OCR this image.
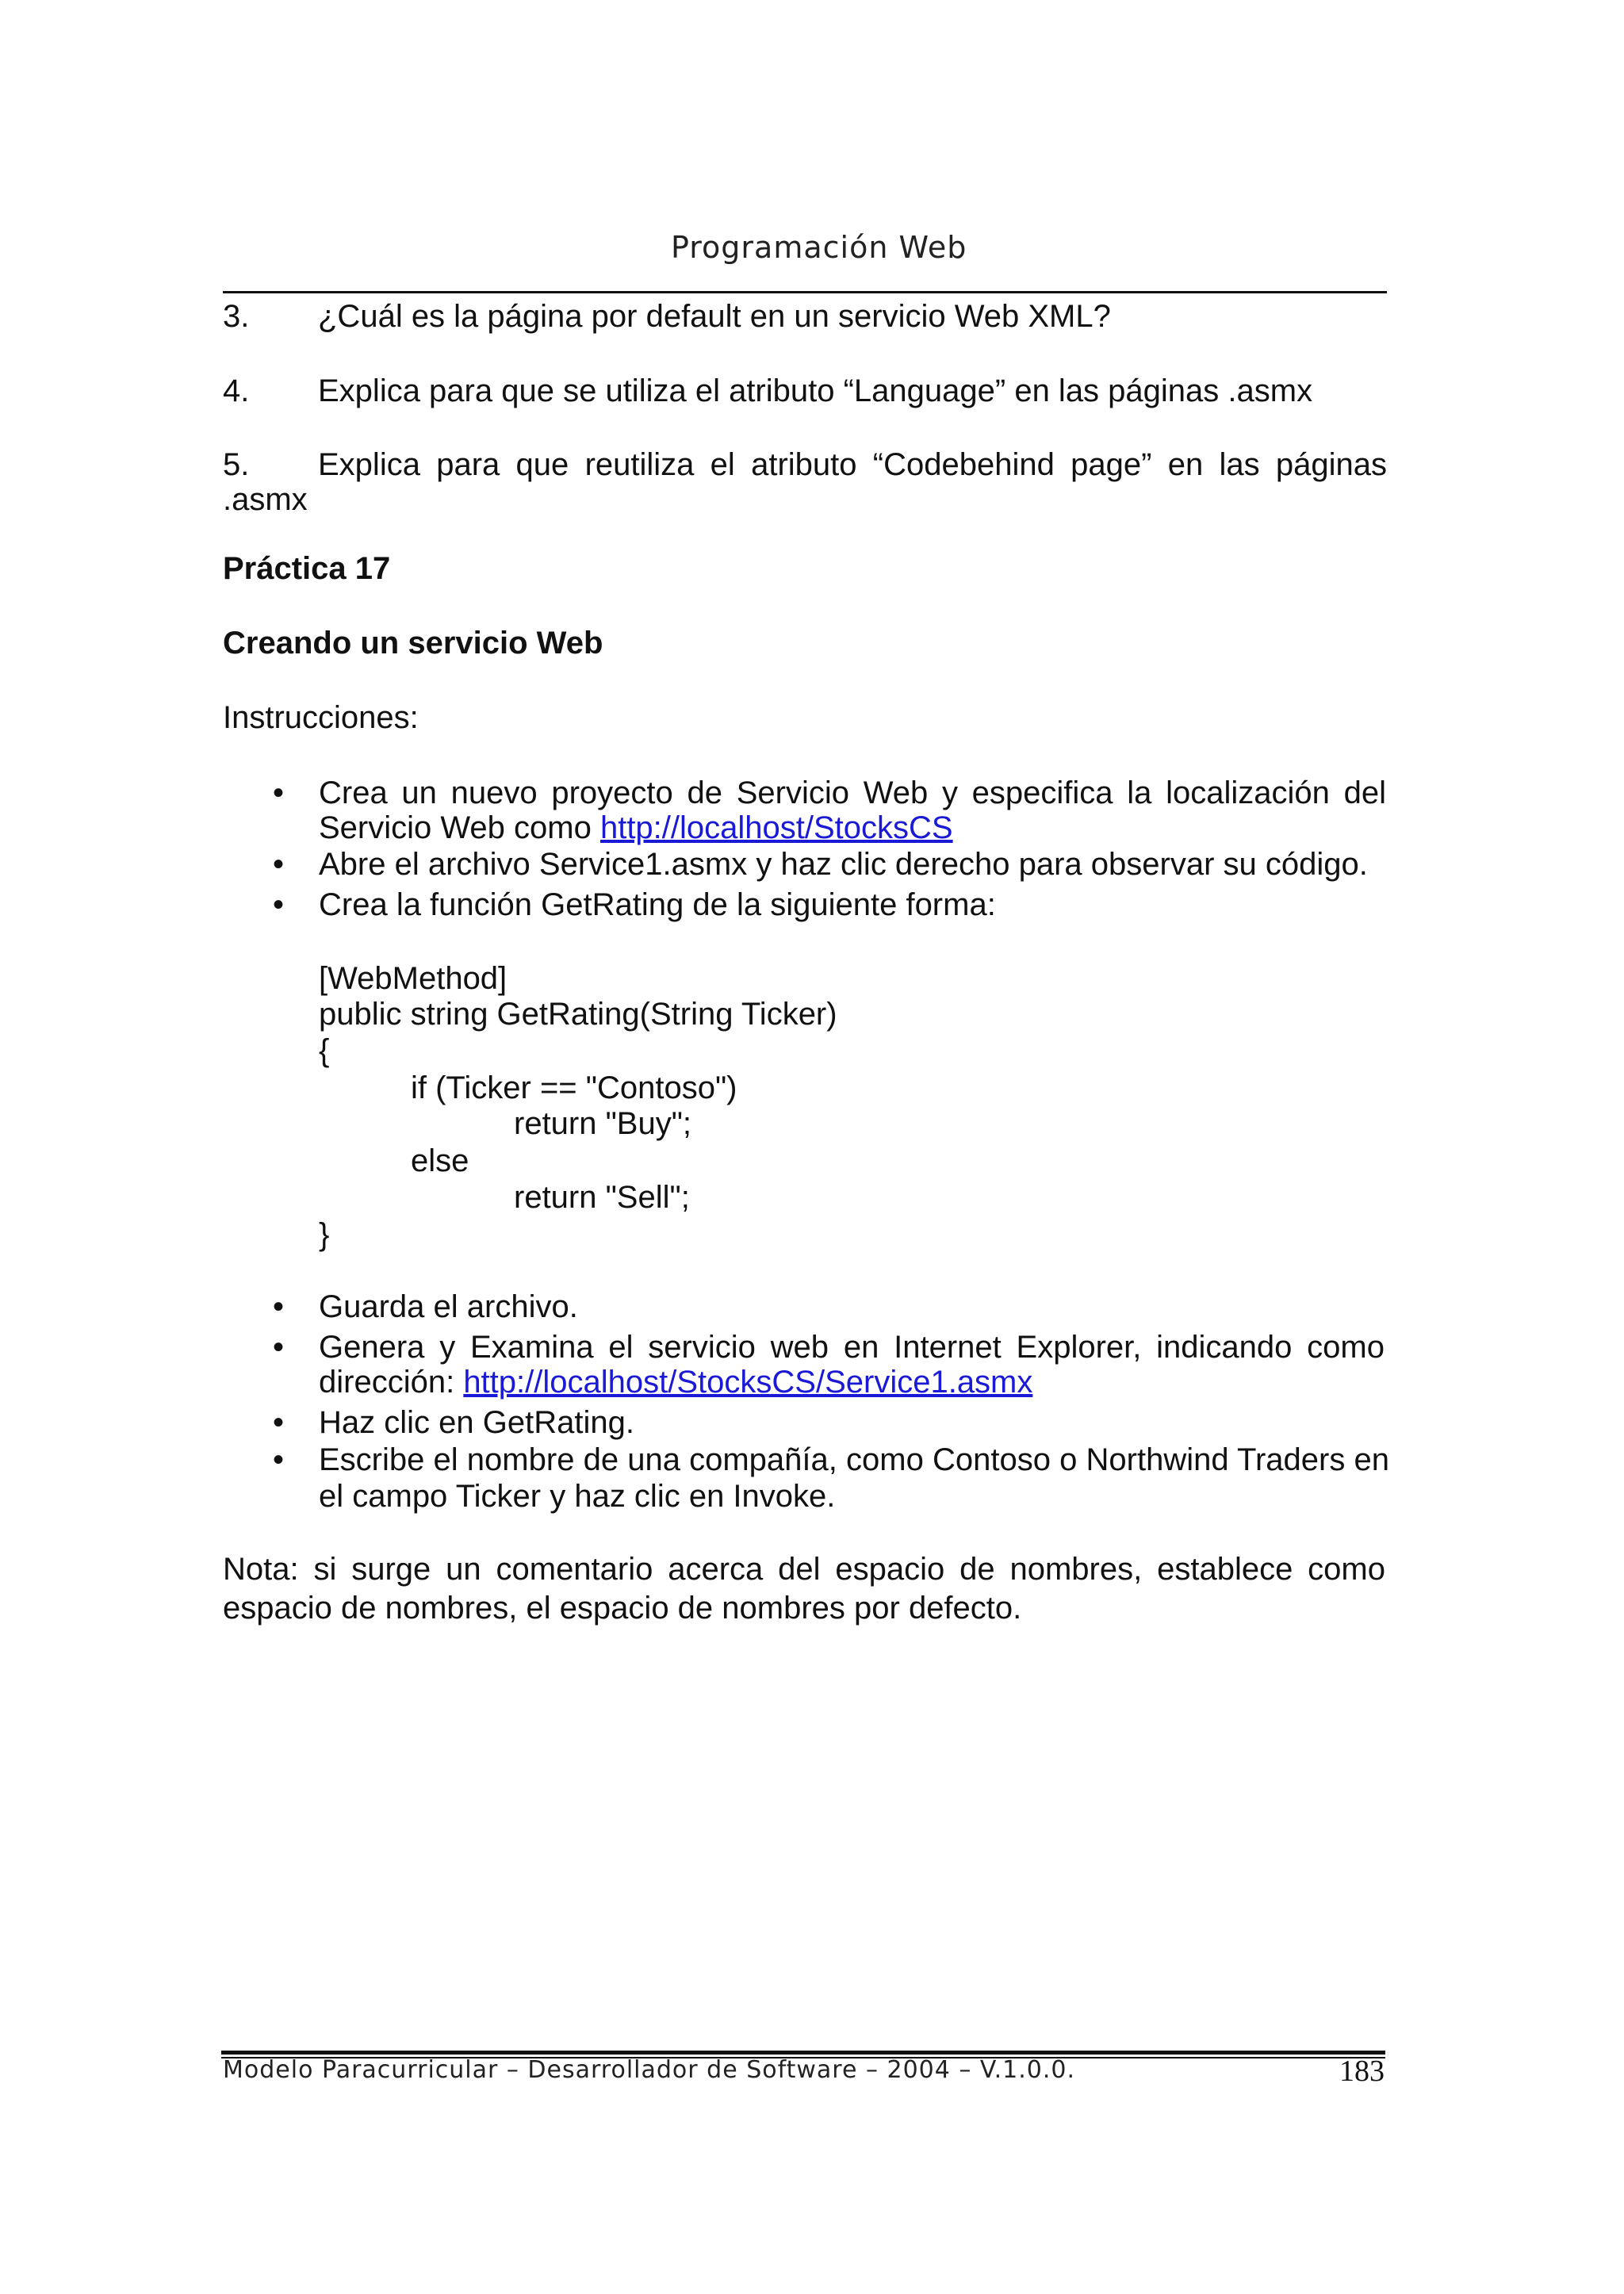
Programación Web
3. ¿Cuál es la página por default en un servicio Web XML?
4. Explica para que se utiliza el atributo “Language” en las páginas .asmx
5.	Explica para que reutiliza el atributo “Codebehind page” en las páginas
.asmx
Práctica 17
Creando un servicio Web
Instrucciones:
• Crea un nuevo proyecto de Servicio Web y especifica la localización del
Servicio Web como http://localhost/StocksCS
• Abre el archivo Service1.asmx y haz clic derecho para observar su código.
• Crea la función GetRating de la siguiente forma:
[WebMethod]
public string GetRating(String Ticker)
{
if (Ticker == "Contoso")
return "Buy";
else
return "Sell";
}
• Guarda el archivo.
• Genera y Examina el servicio web en Internet Explorer, indicando como
dirección: http://localhost/StocksCS/Service1.asmx
• Haz clic en GetRating.
• Escribe el nombre de una compañía, como Contoso o Northwind Traders en
el campo Ticker y haz clic en Invoke.
Nota: si surge un comentario acerca del espacio de nombres, establece como
espacio de nombres, el espacio de nombres por defecto.
Modelo Paracurricular – Desarrollador de Software – 2004 – V.1.0.0.	183
